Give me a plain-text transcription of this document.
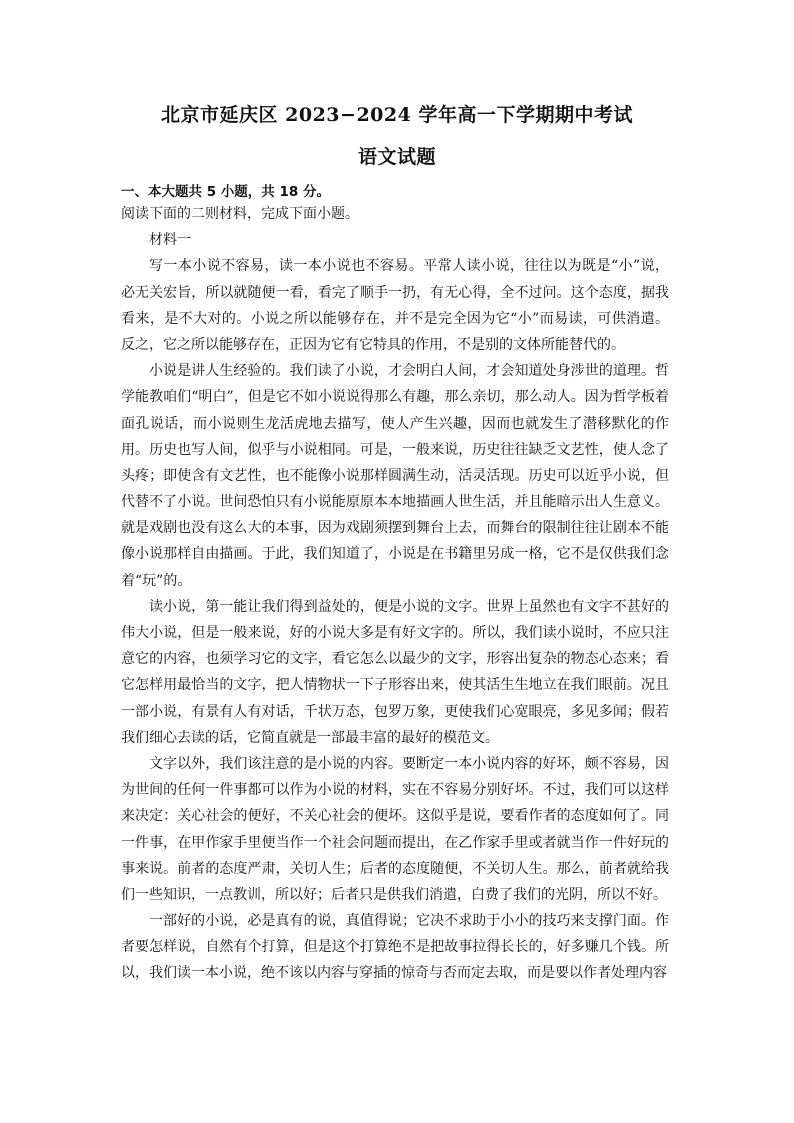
北京市延庆区 2023−2024 学年高一下学期期中考试
语文试题
一、本大题共 5 小题，共 18 分。
阅读下面的二则材料，完成下面小题。
材料一
写一本小说不容易，读一本小说也不容易。平常人读小说，往往以为既是“小”说，
必无关宏旨，所以就随便一看，看完了顺手一扔，有无心得，全不过问。这个态度，据我
看来，是不大对的。小说之所以能够存在，并不是完全因为它“小”而易读，可供消遣。
反之，它之所以能够存在，正因为它有它特具的作用，不是别的文体所能替代的。
小说是讲人生经验的。我们读了小说，才会明白人间，才会知道处身涉世的道理。哲
学能教咱们“明白”，但是它不如小说说得那么有趣，那么亲切，那么动人。因为哲学板着
面孔说话，而小说则生龙活虎地去描写，使人产生兴趣，因而也就发生了潜移默化的作
用。历史也写人间，似乎与小说相同。可是，一般来说，历史往往缺乏文艺性，使人念了
头疼；即使含有文艺性，也不能像小说那样圆满生动，活灵活现。历史可以近乎小说，但
代替不了小说。世间恐怕只有小说能原原本本地描画人世生活，并且能暗示出人生意义。
就是戏剧也没有这么大的本事，因为戏剧须摆到舞台上去，而舞台的限制往往让剧本不能
像小说那样自由描画。于此，我们知道了，小说是在书籍里另成一格，它不是仅供我们念
着“玩”的。
读小说，第一能让我们得到益处的，便是小说的文字。世界上虽然也有文字不甚好的
伟大小说，但是一般来说，好的小说大多是有好文字的。所以，我们读小说时，不应只注
意它的内容，也须学习它的文字，看它怎么以最少的文字，形容出复杂的物态心态来；看
它怎样用最恰当的文字，把人情物状一下子形容出来，使其活生生地立在我们眼前。况且
一部小说，有景有人有对话，千状万态，包罗万象，更使我们心宽眼亮，多见多闻；假若
我们细心去读的话，它简直就是一部最丰富的最好的模范文。
文字以外，我们该注意的是小说的内容。要断定一本小说内容的好坏，颇不容易，因
为世间的任何一件事都可以作为小说的材料，实在不容易分别好坏。不过，我们可以这样
来决定：关心社会的便好，不关心社会的便坏。这似乎是说，要看作者的态度如何了。同
一件事，在甲作家手里便当作一个社会问题而提出，在乙作家手里或者就当作一件好玩的
事来说。前者的态度严肃，关切人生；后者的态度随便，不关切人生。那么，前者就给我
们一些知识，一点教训，所以好；后者只是供我们消遣，白费了我们的光阴，所以不好。
一部好的小说，必是真有的说，真值得说；它决不求助于小小的技巧来支撑门面。作
者要怎样说，自然有个打算，但是这个打算绝不是把故事拉得长长的，好多赚几个钱。所
以，我们读一本小说，绝不该以内容与穿插的惊奇与否而定去取，而是要以作者处理内容
